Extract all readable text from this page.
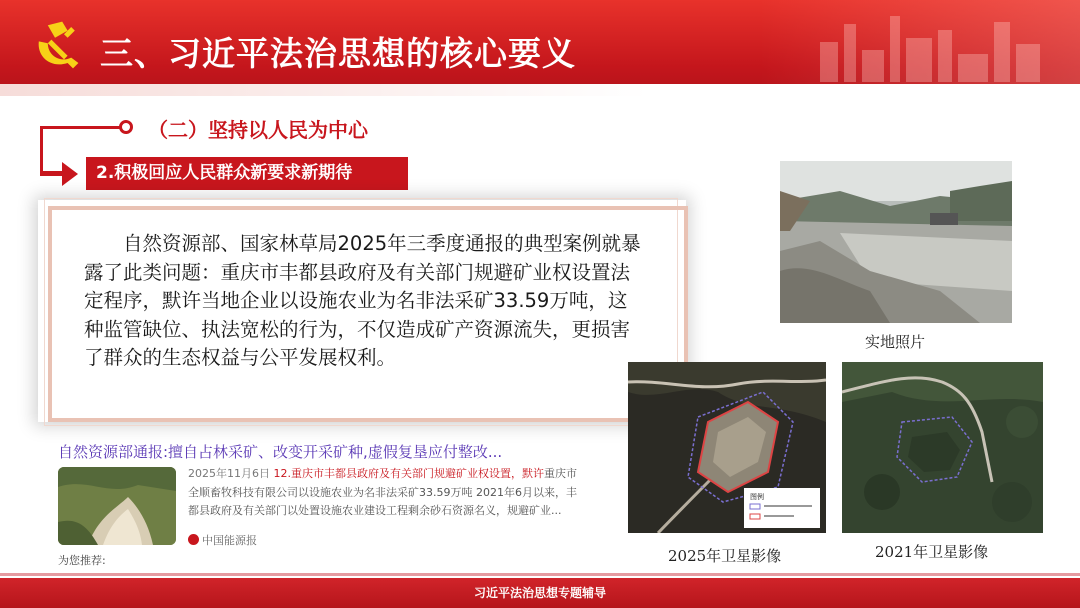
三、习近平法治思想的核心要义
（二）坚持以人民为中心
2.积极回应人民群众新要求新期待
自然资源部、国家林草局2025年三季度通报的典型案例就暴露了此类问题：重庆市丰都县政府及有关部门规避矿业权设置法定程序，默许当地企业以设施农业为名非法采矿33.59万吨，这种监管缺位、执法宽松的行为，不仅造成矿产资源流失，更损害了群众的生态权益与公平发展权利。
自然资源部通报:擅自占林采矿、改变开采矿种,虚假复垦应付整改...
2025年11月6日 12.重庆市丰都县政府及有关部门规避矿业权设置，默许重庆市全顺畜牧科技有限公司以设施农业为名非法采矿33.59万吨 2021年6月以来，丰都县政府及有关部门以处置设施农业建设工程剩余砂石资源名义，规避矿业...
中国能源报
为您推荐:
实地照片
图例
2025年卫星影像	2021年卫星影像
习近平法治思想专题辅导
